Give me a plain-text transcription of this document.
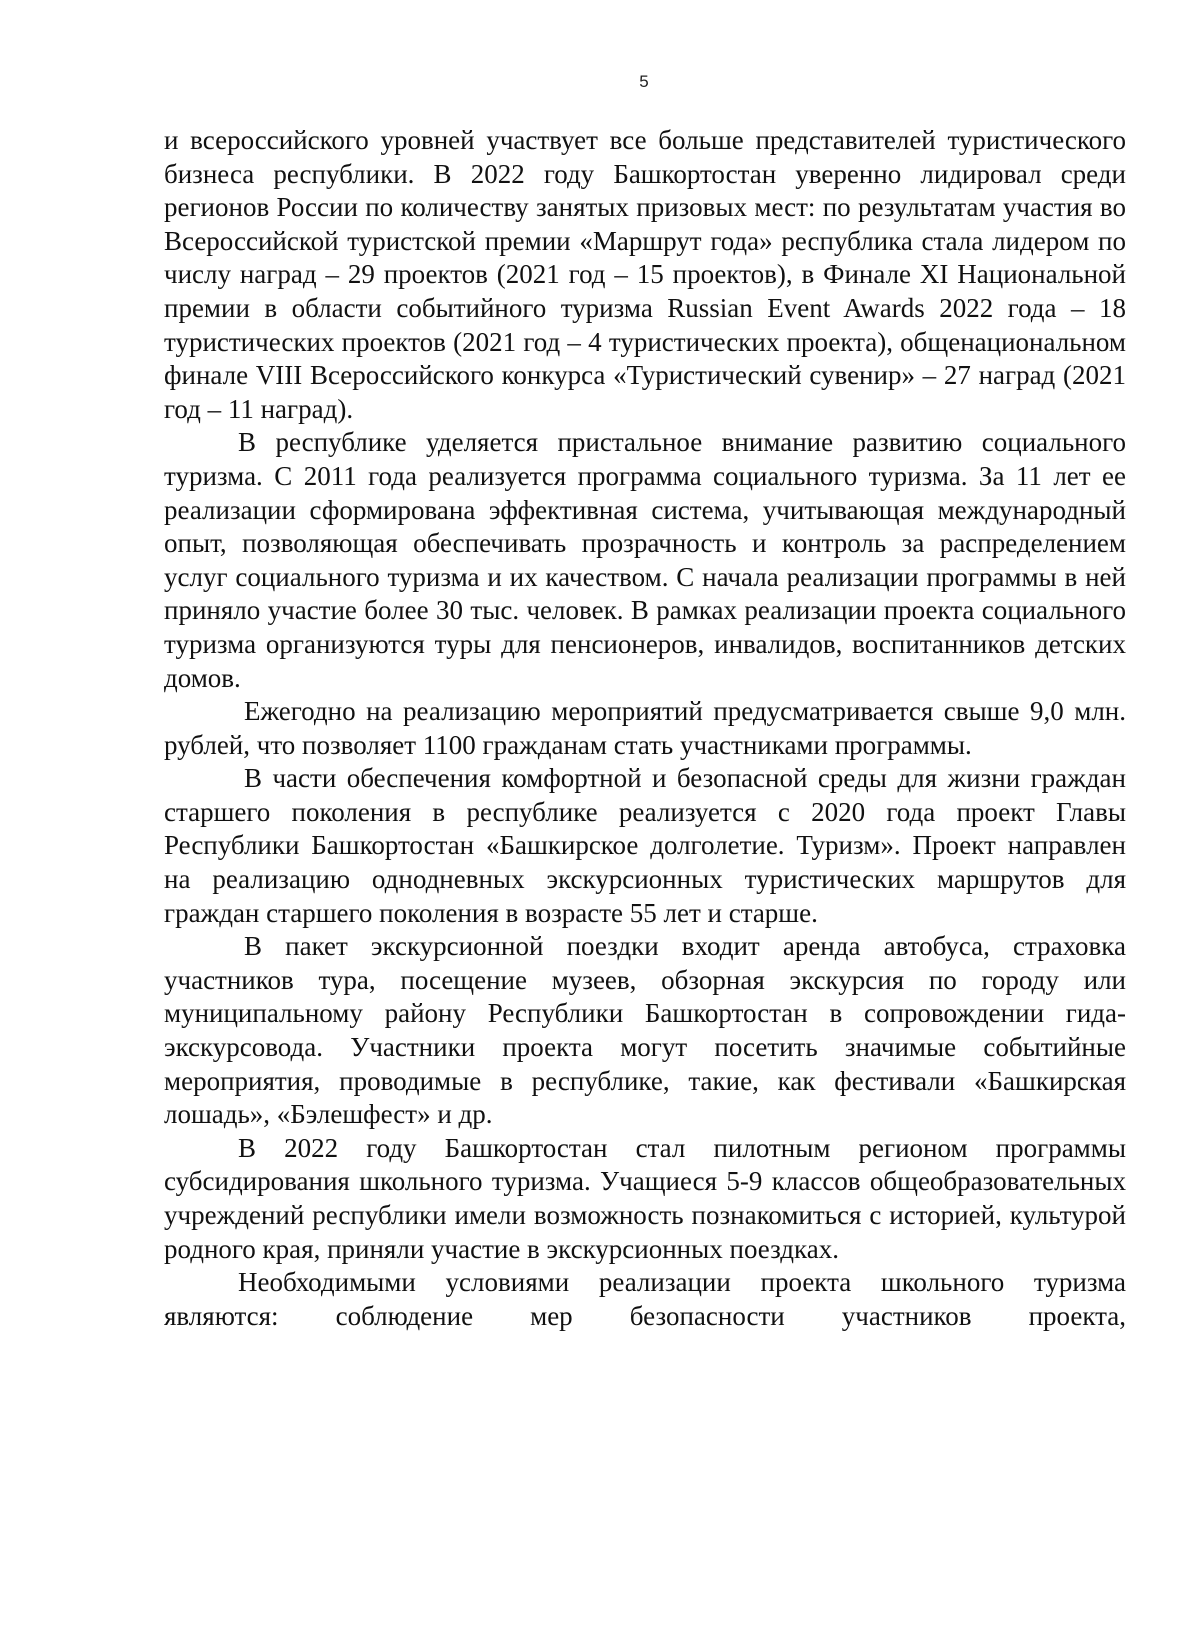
5

и всероссийского уровней участвует все больше представителей туристического бизнеса республики. В 2022 году Башкортостан уверенно лидировал среди регионов России по количеству занятых призовых мест: по результатам участия во Всероссийской туристской премии «Маршрут года» республика стала лидером по числу наград – 29 проектов (2021 год – 15 проектов), в Финале XI Национальной премии в области событийного туризма Russian Event Awards 2022 года – 18 туристических проектов (2021 год – 4 туристических проекта), общенациональном финале VIII Всероссийского конкурса «Туристический сувенир» – 27 наград (2021 год – 11 наград).

В республике уделяется пристальное внимание развитию социального туризма. С 2011 года реализуется программа социального туризма. За 11 лет ее реализации сформирована эффективная система, учитывающая международный опыт, позволяющая обеспечивать прозрачность и контроль за распределением услуг социального туризма и их качеством. С начала реализации программы в ней приняло участие более 30 тыс. человек. В рамках реализации проекта социального туризма организуются туры для пенсионеров, инвалидов, воспитанников детских домов.

Ежегодно на реализацию мероприятий предусматривается свыше 9,0 млн. рублей, что позволяет 1100 гражданам стать участниками программы.

В части обеспечения комфортной и безопасной среды для жизни граждан старшего поколения в республике реализуется с 2020 года проект Главы Республики Башкортостан «Башкирское долголетие. Туризм». Проект направлен на реализацию однодневных экскурсионных туристических маршрутов для граждан старшего поколения в возрасте 55 лет и старше.

В пакет экскурсионной поездки входит аренда автобуса, страховка участников тура, посещение музеев, обзорная экскурсия по городу или муниципальному району Республики Башкортостан в сопровождении гида-экскурсовода. Участники проекта могут посетить значимые событийные мероприятия, проводимые в республике, такие, как фестивали «Башкирская лошадь», «Бэлешфест» и др.

В 2022 году Башкортостан стал пилотным регионом программы субсидирования школьного туризма. Учащиеся 5-9 классов общеобразовательных учреждений республики имели возможность познакомиться с историей, культурой родного края, приняли участие в экскурсионных поездках.

Необходимыми условиями реализации проекта школьного туризма являются: соблюдение мер безопасности участников проекта,
